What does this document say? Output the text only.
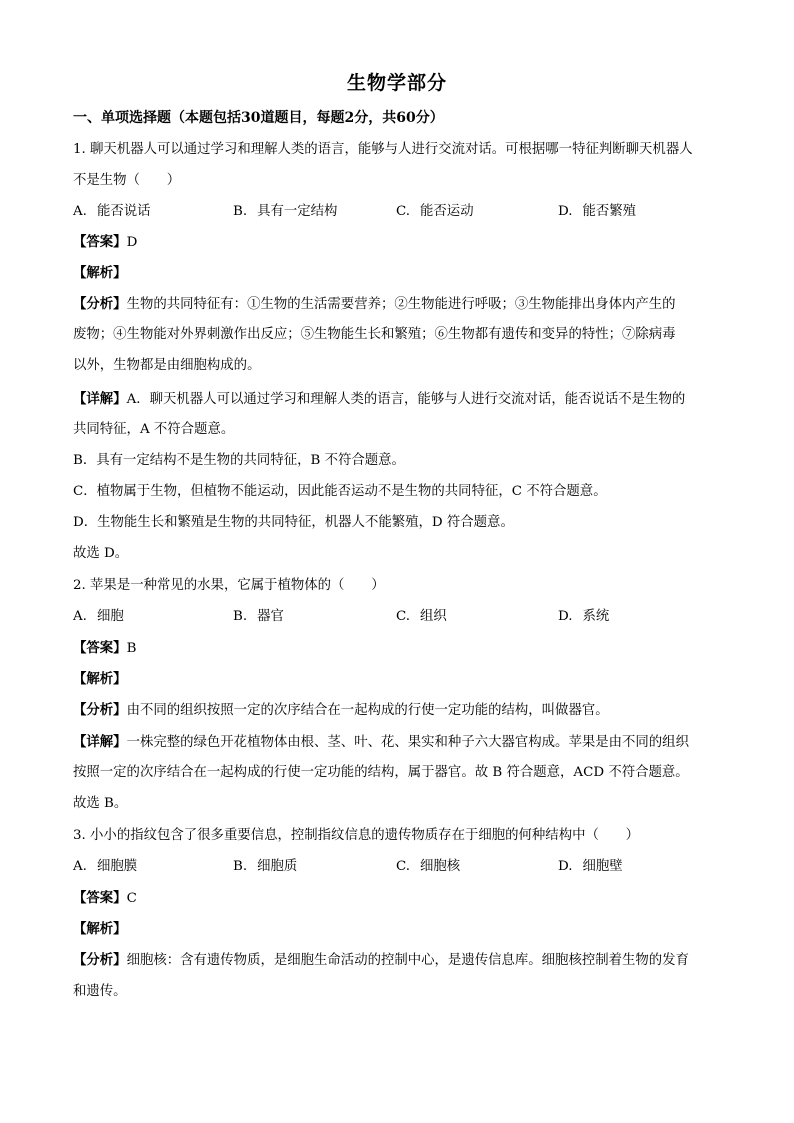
生物学部分
一、单项选择题（本题包括30道题目，每题2分，共60分）
1. 聊天机器人可以通过学习和理解人类的语言，能够与人进行交流对话。可根据哪一特征判断聊天机器人
不是生物（　　）
A. 能否说话	B. 具有一定结构	C. 能否运动	D. 能否繁殖
【答案】D
【解析】
【分析】生物的共同特征有：①生物的生活需要营养；②生物能进行呼吸；③生物能排出身体内产生的
废物；④生物能对外界刺激作出反应；⑤生物能生长和繁殖；⑥生物都有遗传和变异的特性；⑦除病毒
以外，生物都是由细胞构成的。
【详解】A．聊天机器人可以通过学习和理解人类的语言，能够与人进行交流对话，能否说话不是生物的
共同特征，A 不符合题意。
B．具有一定结构不是生物的共同特征，B 不符合题意。
C．植物属于生物，但植物不能运动，因此能否运动不是生物的共同特征，C 不符合题意。
D．生物能生长和繁殖是生物的共同特征，机器人不能繁殖，D 符合题意。
故选 D。
2. 苹果是一种常见的水果，它属于植物体的（　　）
A. 细胞	B. 器官	C. 组织	D. 系统
【答案】B
【解析】
【分析】由不同的组织按照一定的次序结合在一起构成的行使一定功能的结构，叫做器官。
【详解】一株完整的绿色开花植物体由根、茎、叶、花、果实和种子六大器官构成。苹果是由不同的组织
按照一定的次序结合在一起构成的行使一定功能的结构，属于器官。故 B 符合题意，ACD 不符合题意。
故选 B。
3. 小小的指纹包含了很多重要信息，控制指纹信息的遗传物质存在于细胞的何种结构中（　　）
A. 细胞膜	B. 细胞质	C. 细胞核	D. 细胞壁
【答案】C
【解析】
【分析】细胞核：含有遗传物质，是细胞生命活动的控制中心，是遗传信息库。细胞核控制着生物的发育
和遗传。
